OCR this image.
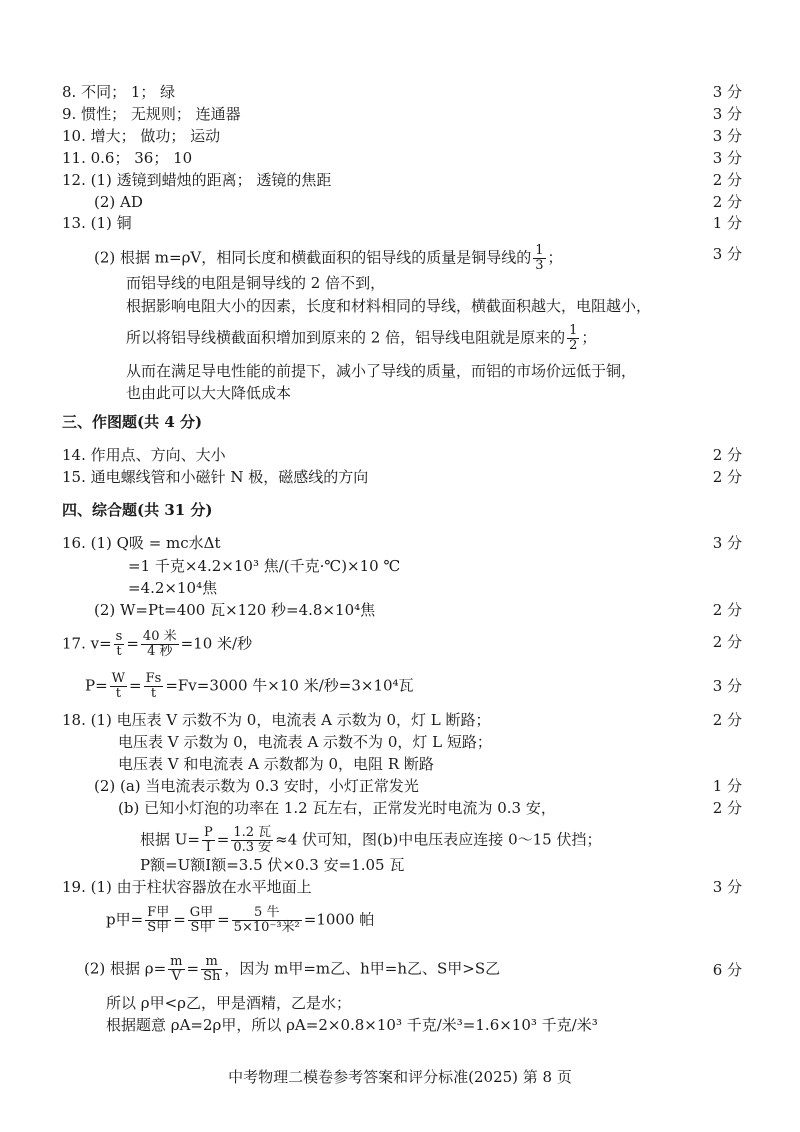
8. 不同； 1； 绿	3 分
9. 惯性； 无规则； 连通器	3 分
10. 增大； 做功； 运动	3 分
11. 0.6； 36； 10	3 分
12. (1) 透镜到蜡烛的距离； 透镜的焦距	2 分
(2) AD	2 分
13. (1) 铜	1 分
(2) 根据 m=ρV，相同长度和横截面积的铝导线的质量是铜导线的 $\frac{1}{3}$ ；	3 分
而铝导线的电阻是铜导线的 2 倍不到，
根据影响电阻大小的因素，长度和材料相同的导线，横截面积越大，电阻越小，
所以将铝导线横截面积增加到原来的 2 倍，铝导线电阻就是原来的 $\frac{1}{2}$ ；
从而在满足导电性能的前提下，减小了导线的质量，而铝的市场价远低于铜，
也由此可以大大降低成本
三、作图题(共 4 分)
14. 作用点、方向、大小	2 分
15. 通电螺线管和小磁针 N 极，磁感线的方向	2 分
四、综合题(共 31 分)
16. (1) Q吸 = mc水Δt	3 分
=1 千克×4.2×10³ 焦/(千克·℃)×10 ℃
=4.2×10⁴焦
(2) W=Pt=400 瓦×120 秒=4.8×10⁴焦	2 分
17. $v= \frac{s}{t} = \frac{\text{40 米}}{\text{4 秒}} =10$ 米/秒	2 分
$P= \frac{W}{t} = \frac{Fs}{t} =Fv=3000$ 牛×10 米/秒=3×10⁴瓦	3 分
18. (1) 电压表 V 示数不为 0，电流表 A 示数为 0，灯 L 断路；	2 分
电压表 V 示数为 0，电流表 A 示数不为 0，灯 L 短路；
电压表 V 和电流表 A 示数都为 0，电阻 R 断路
(2) (a) 当电流表示数为 0.3 安时，小灯正常发光	1 分
(b) 已知小灯泡的功率在 1.2 瓦左右，正常发光时电流为 0.3 安，	2 分
根据 $U= \frac{P}{I} = \frac{\text{1.2 瓦}}{\text{0.3 安}} \approx 4$ 伏可知，图(b)中电压表应连接 0～15 伏挡；
P额=U额I额=3.5 伏×0.3 安=1.05 瓦
19. (1) 由于柱状容器放在水平地面上	3 分
p甲= $\frac{\text{F甲}}{\text{S甲}} = \frac{\text{G甲}}{\text{S甲}} = \frac{\text{5 牛}}{\text{5×10⁻³米²}} =1000$ 帕
(2) 根据 $\rho= \frac{m}{V} = \frac{m}{Sh}$ ，因为 m甲=m乙、h甲=h乙、S甲>S乙	6 分
所以 ρ甲<ρ乙，甲是酒精，乙是水；
根据题意 ρA=2ρ甲，所以 ρA=2×0.8×10³ 千克/米³=1.6×10³ 千克/米³
中考物理二模卷参考答案和评分标准(2025) 第 8 页
